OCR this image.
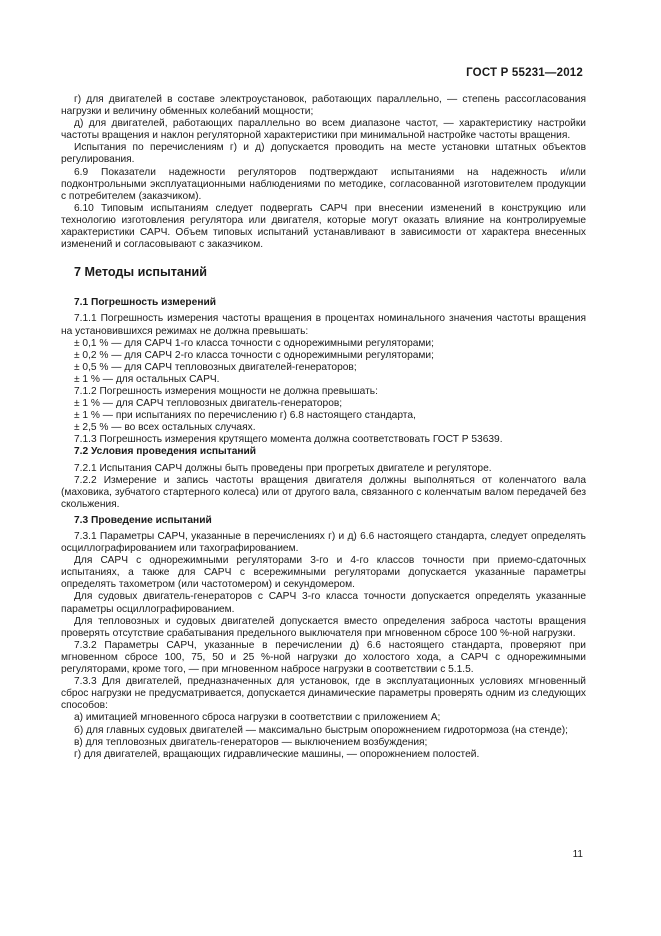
ГОСТ Р 55231—2012

г) для двигателей в составе электроустановок, работающих параллельно, — степень рассогласования нагрузки и величину обменных колебаний мощности;

д) для двигателей, работающих параллельно во всем диапазоне частот, — характеристику настройки частоты вращения и наклон регуляторной характеристики при минимальной настройке частоты вращения.

Испытания по перечислениям г) и д) допускается проводить на месте установки штатных объектов регулирования.

6.9 Показатели надежности регуляторов подтверждают испытаниями на надежность и/или подконтрольными эксплуатационными наблюдениями по методике, согласованной изготовителем продукции с потребителем (заказчиком).

6.10 Типовым испытаниям следует подвергать САРЧ при внесении изменений в конструкцию или технологию изготовления регулятора или двигателя, которые могут оказать влияние на контролируемые характеристики САРЧ. Объем типовых испытаний устанавливают в зависимости от характера внесенных изменений и согласовывают с заказчиком.

7 Методы испытаний

7.1 Погрешность измерений

7.1.1 Погрешность измерения частоты вращения в процентах номинального значения частоты вращения на установившихся режимах не должна превышать:

± 0,1 % — для САРЧ 1-го класса точности с однорежимными регуляторами;

± 0,2 % — для САРЧ 2-го класса точности с однорежимными регуляторами;

± 0,5 % — для САРЧ тепловозных двигателей-генераторов;

± 1 % — для остальных САРЧ.

7.1.2 Погрешность измерения мощности не должна превышать:

± 1 % — для САРЧ тепловозных двигатель-генераторов;

± 1 % — при испытаниях по перечислению г) 6.8 настоящего стандарта,

± 2,5 % — во всех остальных случаях.

7.1.3 Погрешность измерения крутящего момента должна соответствовать ГОСТ Р 53639.

7.2 Условия проведения испытаний

7.2.1 Испытания САРЧ должны быть проведены при прогретых двигателе и регуляторе.

7.2.2 Измерение и запись частоты вращения двигателя должны выполняться от коленчатого вала (маховика, зубчатого стартерного колеса) или от другого вала, связанного с коленчатым валом передачей без скольжения.

7.3 Проведение испытаний

7.3.1 Параметры САРЧ, указанные в перечислениях г) и д) 6.6 настоящего стандарта, следует определять осциллографированием или тахографированием.

Для САРЧ с однорежимными регуляторами 3-го и 4-го классов точности при приемо-сдаточных испытаниях, а также для САРЧ с всережимными регуляторами допускается указанные параметры определять тахометром (или частотомером) и секундомером.

Для судовых двигатель-генераторов с САРЧ 3-го класса точности допускается определять указанные параметры осциллографированием.

Для тепловозных и судовых двигателей допускается вместо определения заброса частоты вращения проверять отсутствие срабатывания предельного выключателя при мгновенном сбросе 100 %-ной нагрузки.

7.3.2 Параметры САРЧ, указанные в перечислении д) 6.6 настоящего стандарта, проверяют при мгновенном сбросе 100, 75, 50 и 25 %-ной нагрузки до холостого хода, а САРЧ с однорежимными регуляторами, кроме того, — при мгновенном набросе нагрузки в соответствии с 5.1.5.

7.3.3 Для двигателей, предназначенных для установок, где в эксплуатационных условиях мгновенный сброс нагрузки не предусматривается, допускается динамические параметры проверять одним из следующих способов:

а) имитацией мгновенного сброса нагрузки в соответствии с приложением А;

б) для главных судовых двигателей — максимально быстрым опорожнением гидротормоза (на стенде);

в) для тепловозных двигатель-генераторов — выключением возбуждения;

г) для двигателей, вращающих гидравлические машины, — опорожнением полостей.

11
